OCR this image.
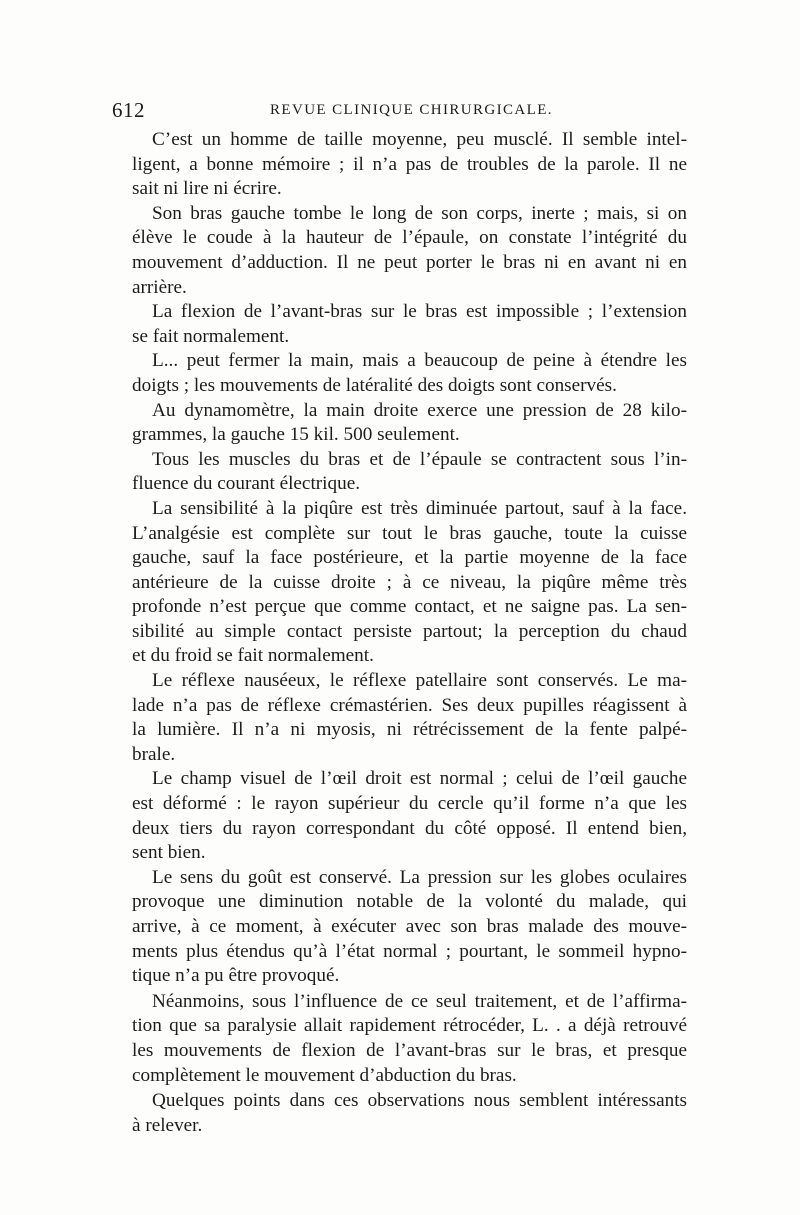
612	REVUE CLINIQUE CHIRURGICALE.
C’est un homme de taille moyenne, peu musclé. Il semble intel-
ligent, a bonne mémoire ; il n’a pas de troubles de la parole. Il ne
sait ni lire ni écrire.
Son bras gauche tombe le long de son corps, inerte ; mais, si on
élève le coude à la hauteur de l’épaule, on constate l’intégrité du
mouvement d’adduction. Il ne peut porter le bras ni en avant ni en
arrière.
La flexion de l’avant-bras sur le bras est impossible ; l’extension
se fait normalement.
L... peut fermer la main, mais a beaucoup de peine à étendre les
doigts ; les mouvements de latéralité des doigts sont conservés.
Au dynamomètre, la main droite exerce une pression de 28 kilo-
grammes, la gauche 15 kil. 500 seulement.
Tous les muscles du bras et de l’épaule se contractent sous l’in-
fluence du courant électrique.
La sensibilité à la piqûre est très diminuée partout, sauf à la face.
L’analgésie est complète sur tout le bras gauche, toute la cuisse
gauche, sauf la face postérieure, et la partie moyenne de la face
antérieure de la cuisse droite ; à ce niveau, la piqûre même très
profonde n’est perçue que comme contact, et ne saigne pas. La sen-
sibilité au simple contact persiste partout; la perception du chaud
et du froid se fait normalement.
Le réflexe nauséeux, le réflexe patellaire sont conservés. Le ma-
lade n’a pas de réflexe crémastérien. Ses deux pupilles réagissent à
la lumière. Il n’a ni myosis, ni rétrécissement de la fente palpé-
brale.
Le champ visuel de l’œil droit est normal ; celui de l’œil gauche
est déformé : le rayon supérieur du cercle qu’il forme n’a que les
deux tiers du rayon correspondant du côté opposé. Il entend bien,
sent bien.
Le sens du goût est conservé. La pression sur les globes oculaires
provoque une diminution notable de la volonté du malade, qui
arrive, à ce moment, à exécuter avec son bras malade des mouve-
ments plus étendus qu’à l’état normal ; pourtant, le sommeil hypno-
tique n’a pu être provoqué.
Néanmoins, sous l’influence de ce seul traitement, et de l’affirma-
tion que sa paralysie allait rapidement rétrocéder, L. . a déjà retrouvé
les mouvements de flexion de l’avant-bras sur le bras, et presque
complètement le mouvement d’abduction du bras.
Quelques points dans ces observations nous semblent intéressants
à relever.
